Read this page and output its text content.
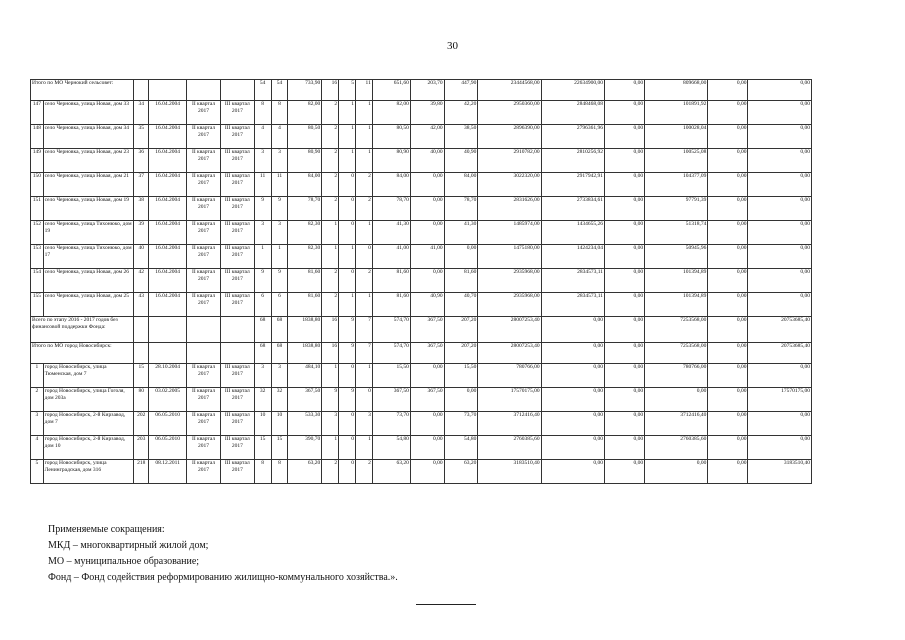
30
Итого по МО Чернокий сельсовет:						54	54	733,90	16	5	11	651,60	203,70	447,90	23444568,00	22634900,00	0,00	809668,00	0,00	0,00
147	село Черновка, улица Новая, дом 33	34	16.04.2004	II квартал 2017	III квартал 2017	8	8	82,00	2	1	1	82,00	39,80	42,20	2950360,00	2848468,08	0,00	101891,92	0,00	0,00
148	село Черновка, улица Новая, дом 34	35	16.04.2004	II квартал 2017	III квартал 2017	4	4	80,50	2	1	1	80,50	42,00	38,50	2896390,00	2796361,96	0,00	100028,04	0,00	0,00
149	село Черновка, улица Новая, дом 23	36	16.04.2004	II квартал 2017	III квартал 2017	3	3	80,90	2	1	1	80,90	40,00	40,90	2910782,00	2810256,92	0,00	100525,08	0,00	0,00
150	село Черновка, улица Новая, дом 21	37	16.04.2004	II квартал 2017	III квартал 2017	11	11	84,00	2	0	2	84,00	0,00	84,00	3022320,00	2917942,91	0,00	104377,09	0,00	0,00
151	село Черновка, улица Новая, дом 19	38	16.04.2004	II квартал 2017	III квартал 2017	9	9	78,70	2	0	2	78,70	0,00	78,70	2831626,00	2733834,61	0,00	97791,39	0,00	0,00
152	село Черновка, улица Тихонюко, дом 19	39	16.04.2004	II квартал 2017	III квартал 2017	3	3	82,30	1	0	1	41,30	0,00	41,30	1485974,00	1434655,26	0,00	51318,74	0,00	0,00
153	село Черновка, улица Тихонюко, дом 17	40	16.04.2004	II квартал 2017	III квартал 2017	1	1	82,30	1	1	0	41,00	41,00	0,00	1475180,00	1424234,04	0,00	50945,96	0,00	0,00
154	село Черновка, улица Новая, дом 26	42	16.04.2004	II квартал 2017	III квартал 2017	9	9	81,60	2	0	2	81,60	0,00	81,60	2935968,00	2834573,11	0,00	101394,89	0,00	0,00
155	село Черновка, улица Новая, дом 25	43	16.04.2004	II квартал 2017	III квартал 2017	6	6	81,60	2	1	1	81,60	40,90	40,70	2935968,00	2834573,11	0,00	101394,89	0,00	0,00
Всего по этапу 2016 - 2017 годов без финансовой поддержки Фонда:						68	68	1838,80	16	9	7	574,70	367,50	207,20	28007253,40	0,00	0,00	7253568,00	0,00	20753685,40
Итого по МО город Новосибирск:						68	68	1838,80	16	9	7	574,70	367,50	207,20	28007253,40	0,00	0,00	7253568,00	0,00	20753685,40
1	город Новосибирск, улица Тюменская, дом 7	15	28.10.2004	II квартал 2017	III квартал 2017	3	3	484,10	1	0	1	15,50	0,00	15,50	780766,00	0,00	0,00	780766,00	0,00	0,00
2	город Новосибирск, улица Гоголя, дом 203а	80	03.02.2005	II квартал 2017	III квартал 2017	32	32	367,50	9	9	0	367,50	367,50	0,00	17570175,00	0,00	0,00	0,00	0,00	17570175,00
3	город Новосибирск, 2-й Кирзавод, дом 7	202	06.05.2010	II квартал 2017	III квартал 2017	10	10	533,30	3	0	3	73,70	0,00	73,70	3712416,40	0,00	0,00	3712416,40	0,00	0,00
4	город Новосибирск, 2-й Кирзавод, дом 10	203	06.05.2010	II квартал 2017	III квартал 2017	15	15	390,70	1	0	1	54,80	0,00	54,80	2760385,60	0,00	0,00	2760385,60	0,00	0,00
5	город Новосибирск, улица Ленинградская, дом 316	218	08.12.2011	II квартал 2017	III квартал 2017	8	8	63,20	2	0	2	63,20	0,00	63,20	3183510,40	0,00	0,00	0,00	0,00	3183510,40
Применяемые сокращения:
МКД – многоквартирный жилой дом;
МО – муниципальное образование;
Фонд – Фонд содействия реформированию жилищно-коммунального хозяйства.».
